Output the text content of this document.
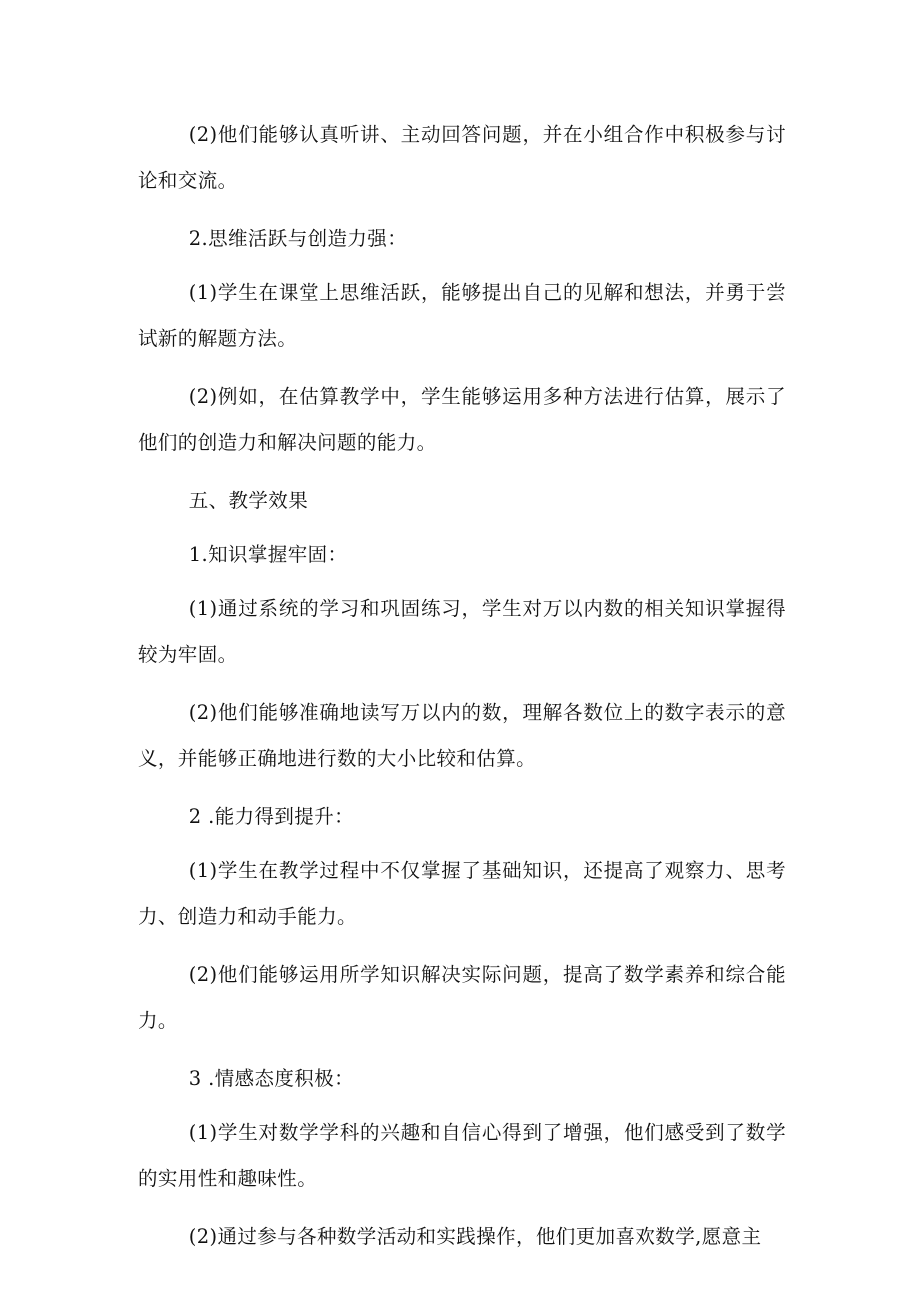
(2)他们能够认真听讲、主动回答问题，并在小组合作中积极参与讨论和交流。

2.思维活跃与创造力强：

(1)学生在课堂上思维活跃，能够提出自己的见解和想法，并勇于尝试新的解题方法。

(2)例如，在估算教学中，学生能够运用多种方法进行估算，展示了他们的创造力和解决问题的能力。

五、教学效果

1.知识掌握牢固：

(1)通过系统的学习和巩固练习，学生对万以内数的相关知识掌握得较为牢固。

(2)他们能够准确地读写万以内的数，理解各数位上的数字表示的意义，并能够正确地进行数的大小比较和估算。

2 .能力得到提升：

(1)学生在教学过程中不仅掌握了基础知识，还提高了观察力、思考力、创造力和动手能力。

(2)他们能够运用所学知识解决实际问题，提高了数学素养和综合能力。

3 .情感态度积极：

(1)学生对数学学科的兴趣和自信心得到了增强，他们感受到了数学的实用性和趣味性。

(2)通过参与各种数学活动和实践操作，他们更加喜欢数学,愿意主
